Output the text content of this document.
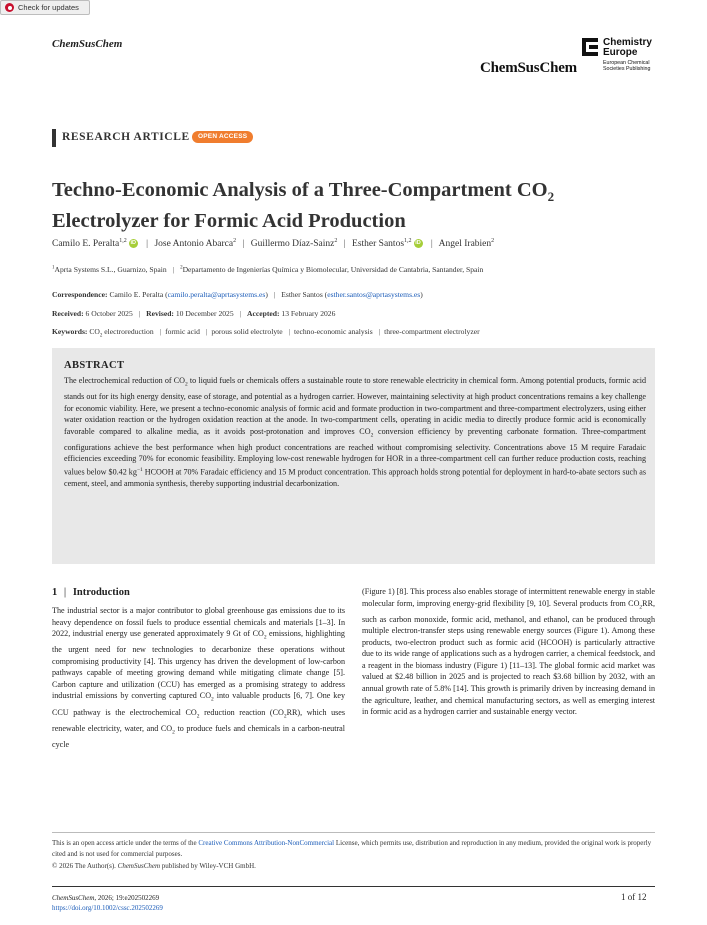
Check for updates
ChemSusChem
ChemSusChem
Chemistry
Europe
European Chemical
Societies Publishing
RESEARCH ARTICLE	OPEN ACCESS
Techno-Economic Analysis of a Three-Compartment $CO_2$
Electrolyzer for Formic Acid Production
Camilo E. Peralta$^{1,2}$ iD | Jose Antonio Abarca$^2$ | Guillermo Díaz-Sainz$^2$ | Esther Santos$^{1,2}$ iD | Angel Irabien$^2$
$^1$Aprta Systems S.L., Guarnizo, Spain | $^2$Departamento de Ingenierías Química y Biomolecular, Universidad de Cantabria, Santander, Spain
Correspondence: Camilo E. Peralta (camilo.peralta@aprtasystems.es) | Esther Santos (esther.santos@aprtasystems.es)
Received: 6 October 2025 | Revised: 10 December 2025 | Accepted: 13 February 2026
Keywords: $CO_2$ electroreduction | formic acid | porous solid electrolyte | techno-economic analysis | three-compartment electrolyzer
ABSTRACT
The electrochemical reduction of $CO_2$ to liquid fuels or chemicals offers a sustainable route to store renewable electricity in chemical form. Among potential products, formic acid stands out for its high energy density, ease of storage, and potential as a hydrogen carrier. However, maintaining selectivity at high product concentrations remains a key challenge for economic viability. Here, we present a techno-economic analysis of formic acid and formate production in two-compartment and three-compartment electrolyzers, using either water oxidation reaction or the hydrogen oxidation reaction at the anode. In two-compartment cells, operating in acidic media to directly produce formic acid is economically favorable compared to alkaline media, as it avoids post-protonation and improves $CO_2$ conversion efficiency by preventing carbonate formation. Three-compartment configurations achieve the best performance when high product concentrations are reached without compromising selectivity. Concentrations above 15 M require Faradaic efficiencies exceeding 70% for economic feasibility. Employing low-cost renewable hydrogen for HOR in a three-compartment cell can further reduce production costs, reaching values below $0.42 $kg^{-1}$ HCOOH at 70% Faradaic efficiency and 15 M product concentration. This approach holds strong potential for deployment in hard-to-abate sectors such as cement, steel, and ammonia synthesis, thereby supporting industrial decarbonization.
1 | Introduction
The industrial sector is a major contributor to global greenhouse gas emissions due to its heavy dependence on fossil fuels to produce essential chemicals and materials [1–3]. In 2022, industrial energy use generated approximately 9 Gt of $CO_2$ emissions, highlighting the urgent need for new technologies to decarbonize these operations without compromising productivity [4]. This urgency has driven the development of low-carbon pathways capable of meeting growing demand while mitigating climate change [5]. Carbon capture and utilization (CCU) has emerged as a promising strategy to address industrial emissions by converting captured $CO_2$ into valuable products [6, 7]. One key CCU pathway is the electrochemical $CO_2$ reduction reaction $(CO_2RR)$, which uses renewable electricity, water, and $CO_2$ to produce fuels and chemicals in a carbon-neutral cycle
(Figure 1) [8]. This process also enables storage of intermittent renewable energy in stable molecular form, improving energy-grid flexibility [9, 10]. Several products from $CO_2RR$, such as carbon monoxide, formic acid, methanol, and ethanol, can be produced through multiple electron-transfer steps using renewable energy sources (Figure 1). Among these products, two-electron product such as formic acid (HCOOH) is particularly attractive due to its wide range of applications such as a hydrogen carrier, a chemical feedstock, and a reagent in the biomass industry (Figure 1) [11–13]. The global formic acid market was valued at $2.48 billion in 2025 and is projected to reach $3.68 billion by 2032, with an annual growth rate of 5.8% [14]. This growth is primarily driven by increasing demand in the agriculture, leather, and chemical manufacturing sectors, as well as emerging interest in formic acid as a hydrogen carrier and sustainable energy vector.
This is an open access article under the terms of the Creative Commons Attribution-NonCommercial License, which permits use, distribution and reproduction in any medium, provided the original work is properly cited and is not used for commercial purposes.
© 2026 The Author(s). ChemSusChem published by Wiley-VCH GmbH.
ChemSusChem, 2026; 19:e202502269
https://doi.org/10.1002/cssc.202502269
1 of 12
